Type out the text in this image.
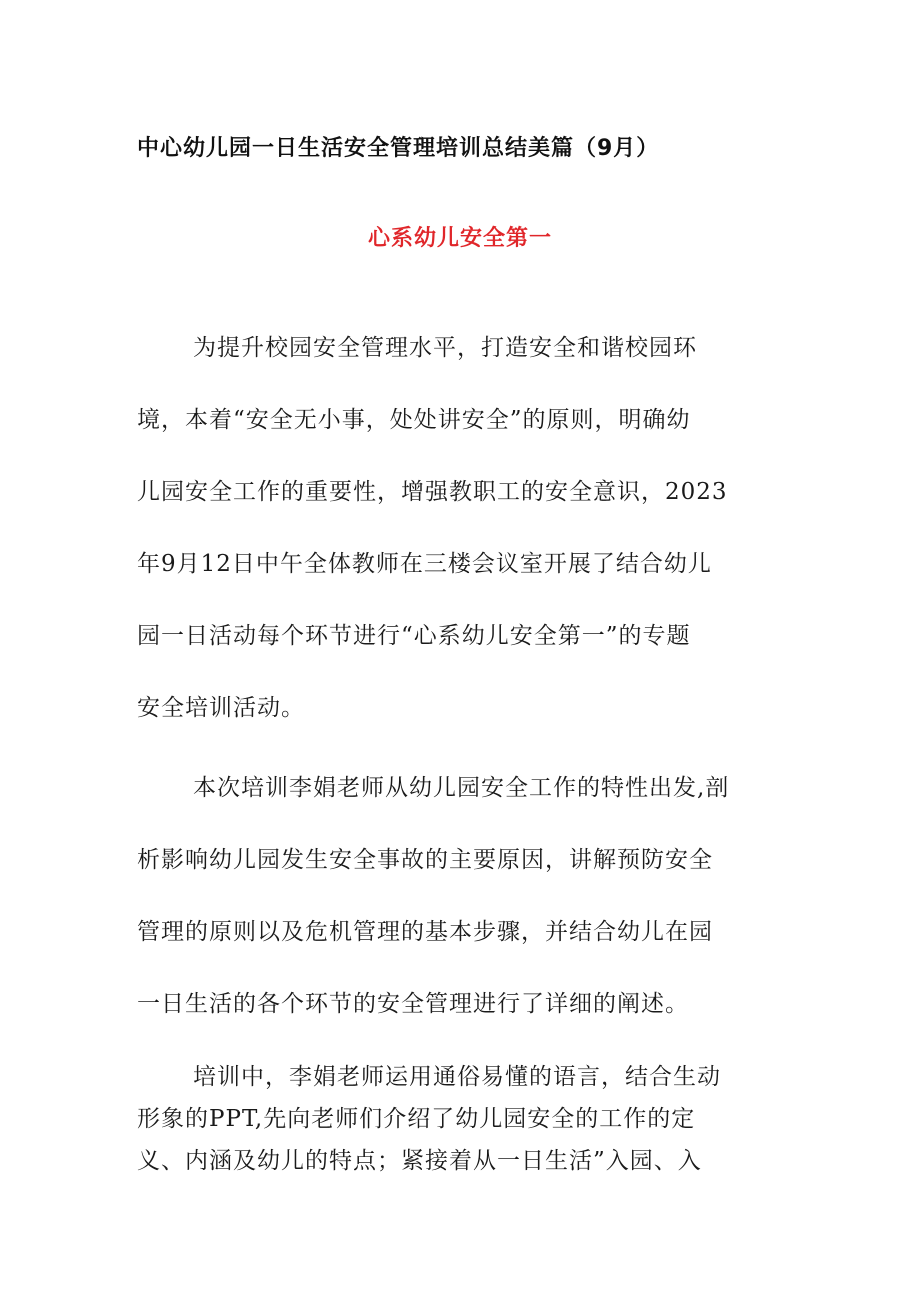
中心幼儿园一日生活安全管理培训总结美篇（9月）
心系幼儿安全第一
为提升校园安全管理水平，打造安全和谐校园环
境，本着“安全无小事，处处讲安全”的原则，明确幼
儿园安全工作的重要性，增强教职工的安全意识，2023
年9月12日中午全体教师在三楼会议室开展了结合幼儿
园一日活动每个环节进行“心系幼儿安全第一”的专题
安全培训活动。
本次培训李娟老师从幼儿园安全工作的特性出发,剖
析影响幼儿园发生安全事故的主要原因，讲解预防安全
管理的原则以及危机管理的基本步骤，并结合幼儿在园
一日生活的各个环节的安全管理进行了详细的阐述。
培训中，李娟老师运用通俗易懂的语言，结合生动
形象的PPT,先向老师们介绍了幼儿园安全的工作的定
义、内涵及幼儿的特点；紧接着从一日生活”入园、入
